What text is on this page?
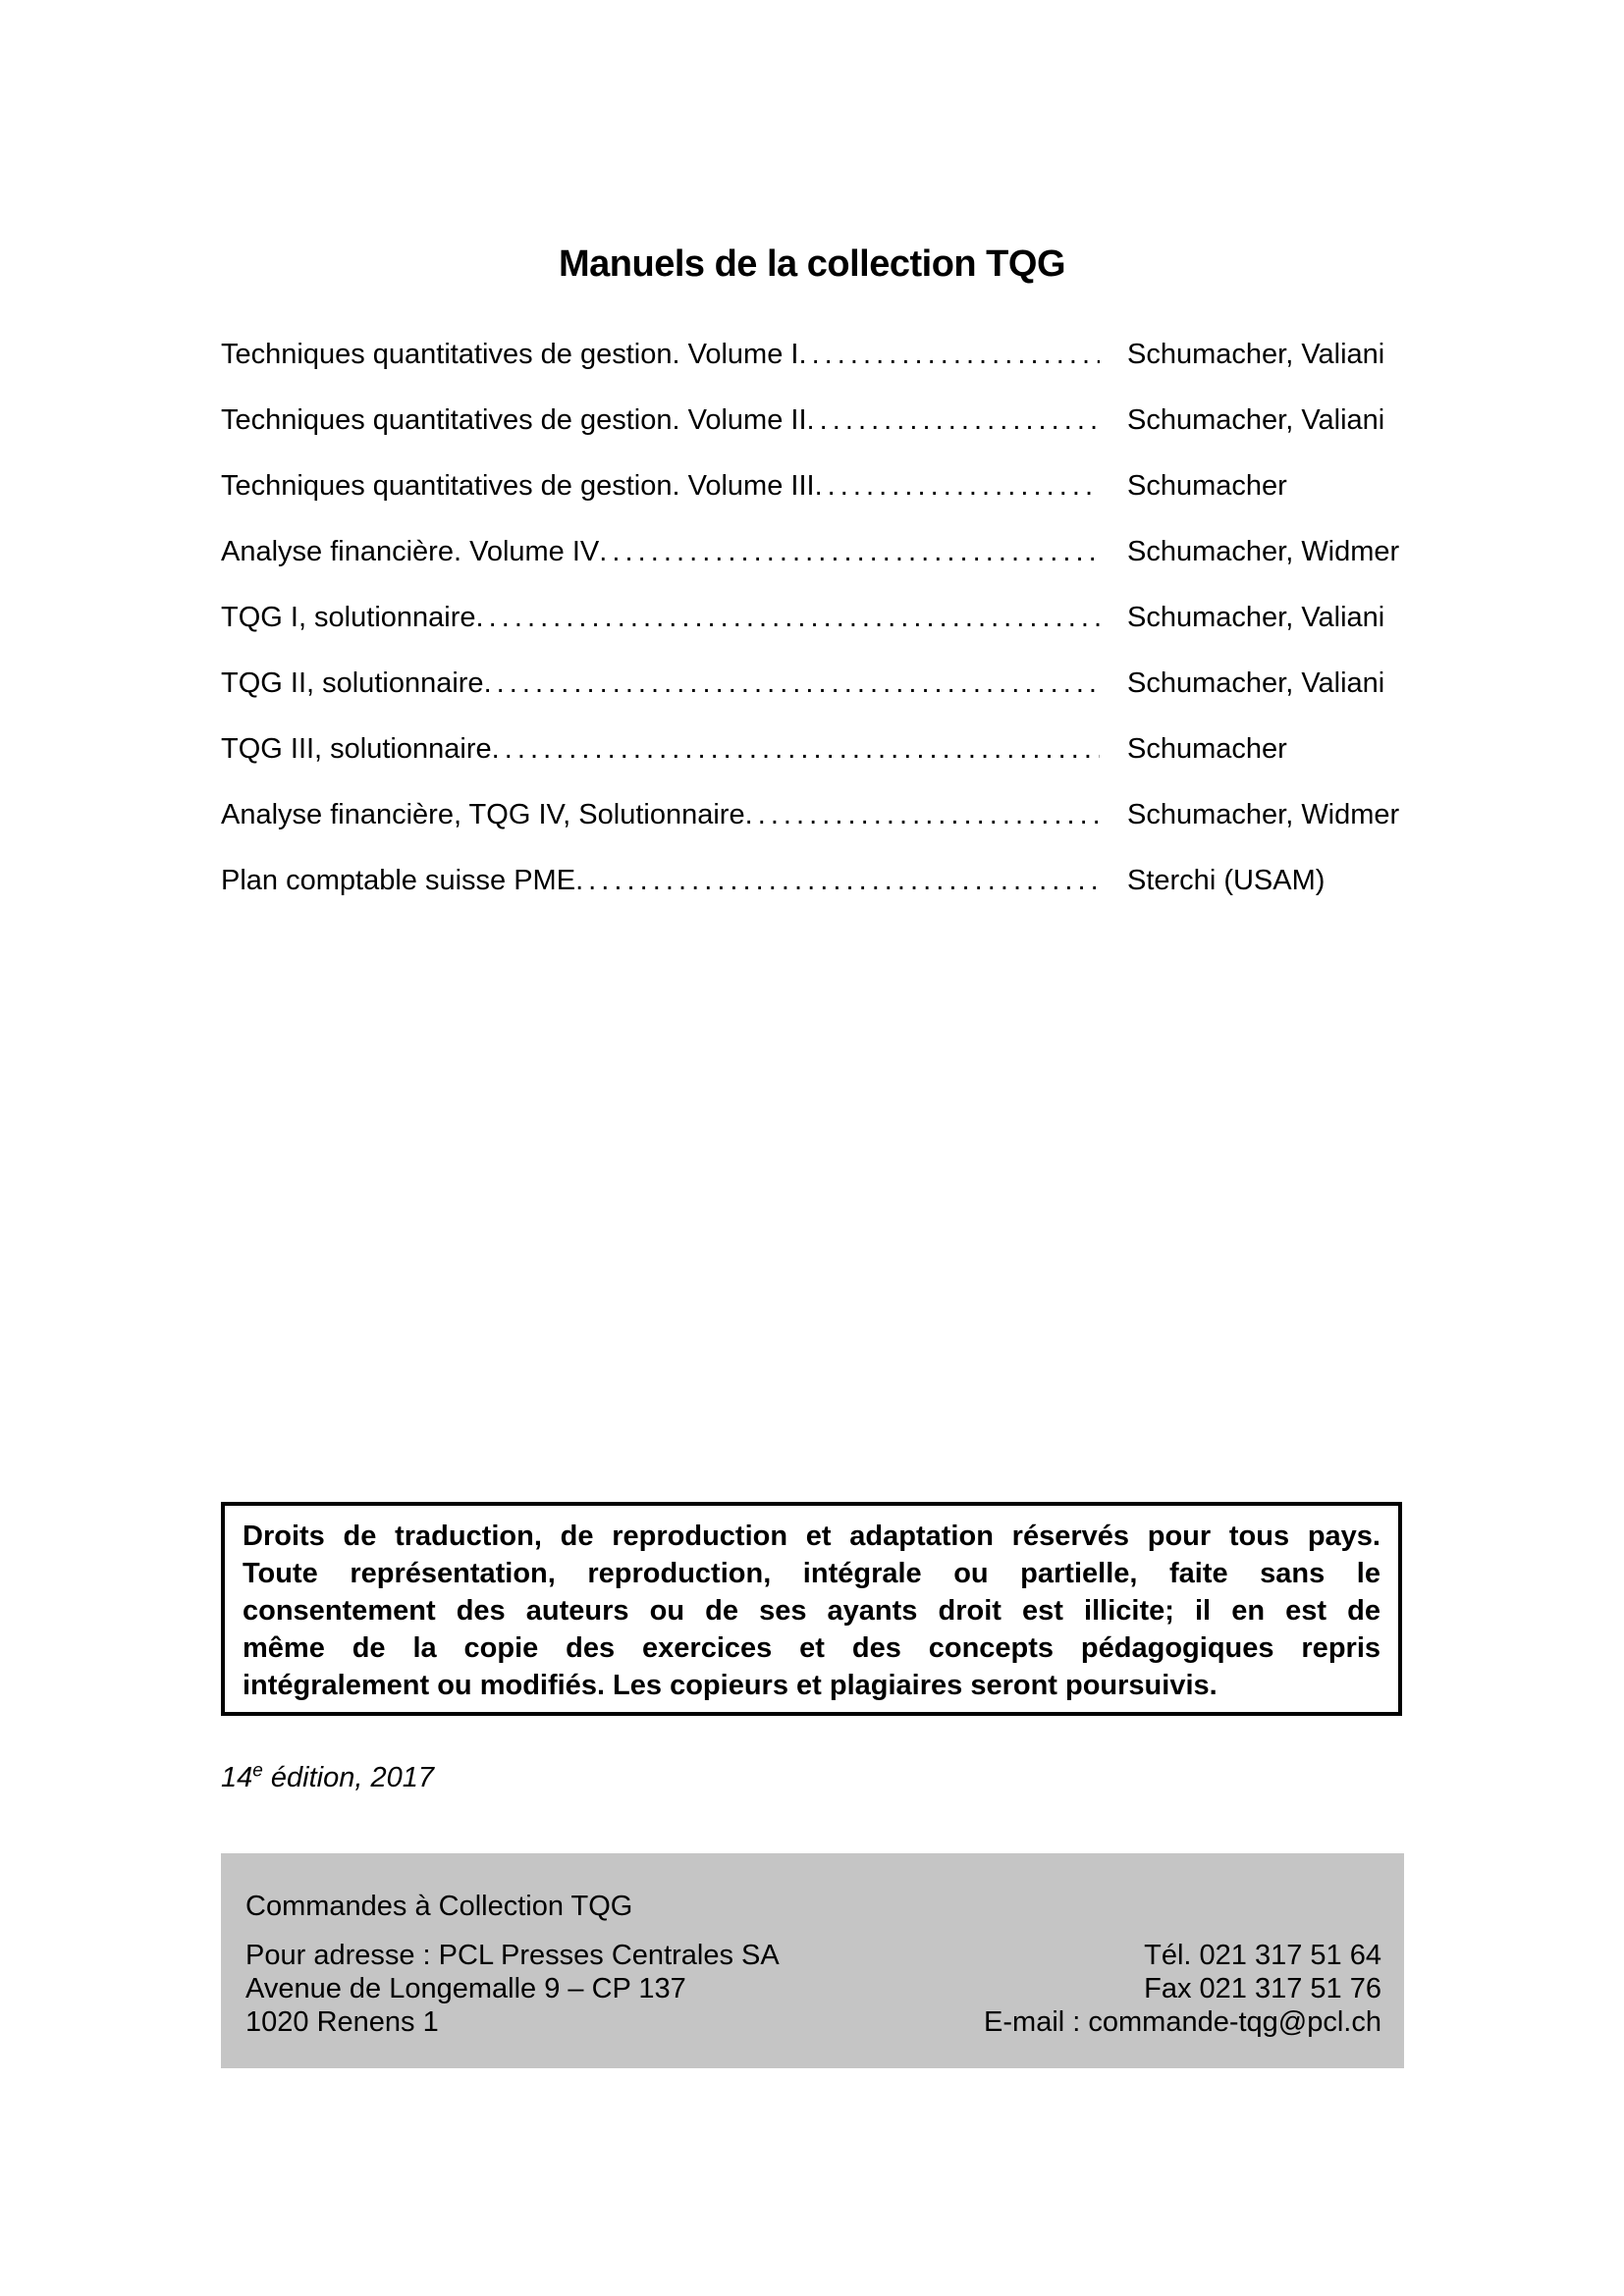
Manuels de la collection TQG
Techniques quantitatives de gestion. Volume I . . .	Schumacher, Valiani
Techniques quantitatives de gestion. Volume II . . .	Schumacher, Valiani
Techniques quantitatives de gestion. Volume III . . .	Schumacher
Analyse financière. Volume IV . . .	Schumacher, Widmer
TQG I, solutionnaire . . .	Schumacher, Valiani
TQG II, solutionnaire . . .	Schumacher, Valiani
TQG III, solutionnaire . . .	Schumacher
Analyse financière, TQG IV, Solutionnaire . . .	Schumacher, Widmer
Plan comptable suisse PME . . .	Sterchi (USAM)
Droits de traduction, de reproduction et adaptation réservés pour tous pays.
Toute représentation, reproduction, intégrale ou partielle, faite sans le
consentement des auteurs ou de ses ayants droit est illicite; il en est de
même de la copie des exercices et des concepts pédagogiques repris
intégralement ou modifiés. Les copieurs et plagiaires seront poursuivis.
14e édition, 2017
Commandes à Collection TQG
Pour adresse : PCL Presses Centrales SA
Avenue de Longemalle 9 – CP 137
1020 Renens 1
Tél. 021 317 51 64
Fax 021 317 51 76
E-mail : commande-tqg@pcl.ch
